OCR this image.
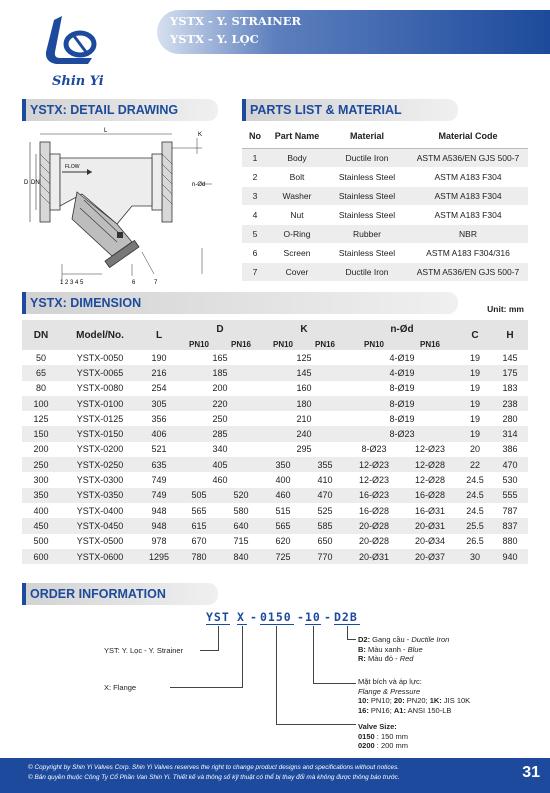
Shin Yi
YSTX - Y. STRAINER
YSTX - Y. LỌC
YSTX: DETAIL DRAWING
FLOW
L
D DN
K
n-Ød
1 2 3 4 5	6	7
PARTS LIST & MATERIAL
No	Part Name	Material	Material Code
1	Body	Ductile Iron	ASTM A536/EN GJS 500-7
2	Bolt	Stainless Steel	ASTM A183 F304
3	Washer	Stainless Steel	ASTM A183 F304
4	Nut	Stainless Steel	ASTM A183 F304
5	O-Ring	Rubber	NBR
6	Screen	Stainless Steel	ASTM A183 F304/316
7	Cover	Ductile Iron	ASTM A536/EN GJS 500-7
YSTX: DIMENSION	Unit: mm
DN	Model/No.	L	D		K		n-Ød		C	H
			PN10	PN16	PN10	PN16	PN10	PN16		
50	YSTX-0050	190	165		125		4-Ø19		19	145
65	YSTX-0065	216	185		145		4-Ø19		19	175
80	YSTX-0080	254	200		160		8-Ø19		19	183
100	YSTX-0100	305	220		180		8-Ø19		19	238
125	YSTX-0125	356	250		210		8-Ø19		19	280
150	YSTX-0150	406	285		240		8-Ø23		19	314
200	YSTX-0200	521	340		295		8-Ø23	12-Ø23	20	386
250	YSTX-0250	635	405		350	355	12-Ø23	12-Ø28	22	470
300	YSTX-0300	749	460		400	410	12-Ø23	12-Ø28	24.5	530
350	YSTX-0350	749	505	520	460	470	16-Ø23	16-Ø28	24.5	555
400	YSTX-0400	948	565	580	515	525	16-Ø28	16-Ø31	24.5	787
450	YSTX-0450	948	615	640	565	585	20-Ø28	20-Ø31	25.5	837
500	YSTX-0500	978	670	715	620	650	20-Ø28	20-Ø34	26.5	880
600	YSTX-0600	1295	780	840	725	770	20-Ø31	20-Ø37	30	940
ORDER INFORMATION
YST X - 0150 - 10 - D2B
YST: Y. Lọc - Y. Strainer
X: Flange
D2: Gang cầu - Ductile Iron
B: Màu xanh - Blue
R: Màu đỏ - Red
Mặt bích và áp lực:
Flange & Pressure
10: PN10; 20: PN20; 1K: JIS 10K
16: PN16; A1: ANSI 150-LB
Valve Size:
0150 : 150 mm
0200 : 200 mm
© Copyright by Shin Yi Valves Corp. Shin Yi Valves reserves the right to change product designs and specifications without notices.
© Bản quyền thuộc Công Ty Cổ Phần Van Shin Yi. Thiết kế và thông số kỹ thuật có thể bị thay đổi mà không được thông báo trước.	31
